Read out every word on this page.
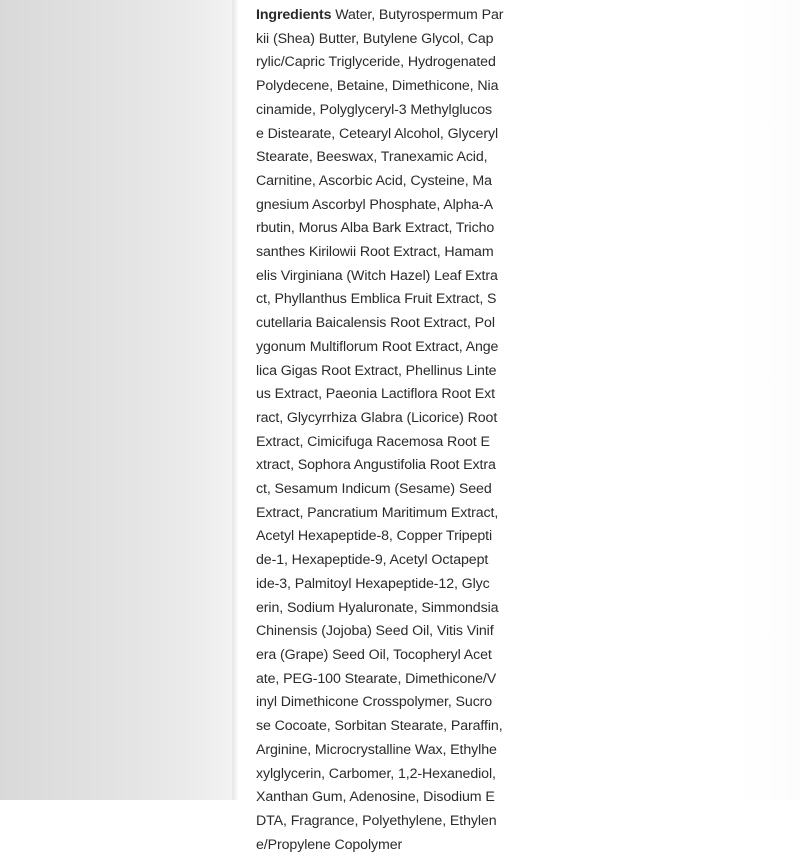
Ingredients Water, Butyrospermum Par
kii (Shea) Butter, Butylene Glycol, Cap
rylic/Capric Triglyceride, Hydrogenated
Polydecene, Betaine, Dimethicone, Nia
cinamide, Polyglyceryl-3 Methylglucos
e Distearate, Cetearyl Alcohol, Glyceryl
Stearate, Beeswax, Tranexamic Acid,
Carnitine, Ascorbic Acid, Cysteine, Ma
gnesium Ascorbyl Phosphate, Alpha-A
rbutin, Morus Alba Bark Extract, Tricho
santhes Kirilowii Root Extract, Hamam
elis Virginiana (Witch Hazel) Leaf Extra
ct, Phyllanthus Emblica Fruit Extract, S
cutellaria Baicalensis Root Extract, Pol
ygonum Multiflorum Root Extract, Ange
lica Gigas Root Extract, Phellinus Linte
us Extract, Paeonia Lactiflora Root Ext
ract, Glycyrrhiza Glabra (Licorice) Root
Extract, Cimicifuga Racemosa Root E
xtract, Sophora Angustifolia Root Extra
ct, Sesamum Indicum (Sesame) Seed
Extract, Pancratium Maritimum Extract,
Acetyl Hexapeptide-8, Copper Tripepti
de-1, Hexapeptide-9, Acetyl Octapept
ide-3, Palmitoyl Hexapeptide-12, Glyc
erin, Sodium Hyaluronate, Simmondsia
Chinensis (Jojoba) Seed Oil, Vitis Vinif
era (Grape) Seed Oil, Tocopheryl Acet
ate, PEG-100 Stearate, Dimethicone/V
inyl Dimethicone Crosspolymer, Sucro
se Cocoate, Sorbitan Stearate, Paraffin,
Arginine, Microcrystalline Wax, Ethylhe
xylglycerin, Carbomer, 1,2-Hexanediol,
Xanthan Gum, Adenosine, Disodium E
DTA, Fragrance, Polyethylene, Ethylen
e/Propylene Copolymer
